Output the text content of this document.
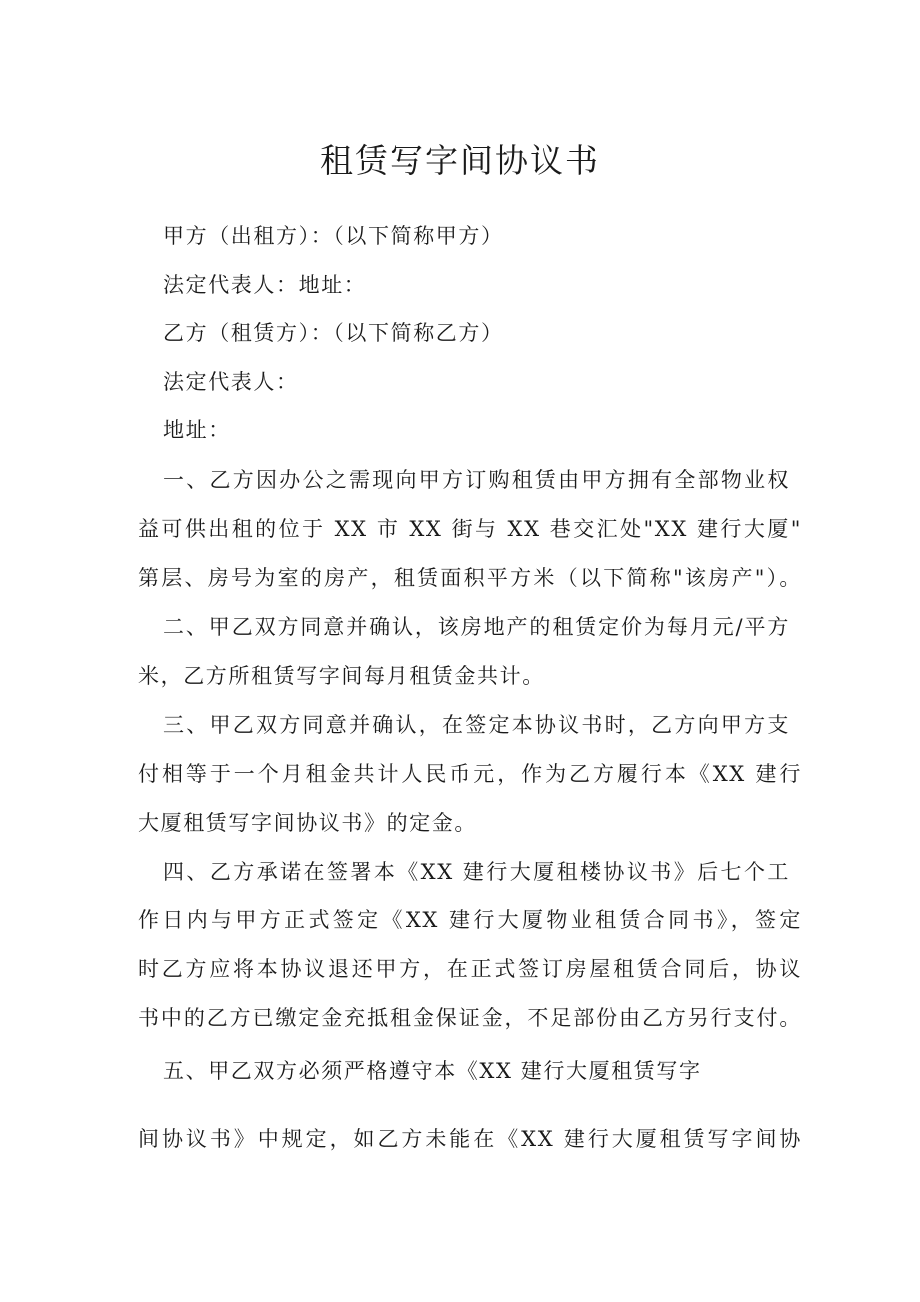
租赁写字间协议书
甲方（出租方）：（以下简称甲方）
法定代表人：地址：
乙方（租赁方）：（以下简称乙方）
法定代表人：
地址：
一、乙方因办公之需现向甲方订购租赁由甲方拥有全部物业权
益可供出租的位于 XX 市 XX 街与 XX 巷交汇处"XX 建行大厦"
第层、房号为室的房产，租赁面积平方米（以下简称"该房产"）。
二、甲乙双方同意并确认，该房地产的租赁定价为每月元/平方
米，乙方所租赁写字间每月租赁金共计。
三、甲乙双方同意并确认，在签定本协议书时，乙方向甲方支
付相等于一个月租金共计人民币元，作为乙方履行本《XX 建行
大厦租赁写字间协议书》的定金。
四、乙方承诺在签署本《XX 建行大厦租楼协议书》后七个工
作日内与甲方正式签定《XX 建行大厦物业租赁合同书》，签定
时乙方应将本协议退还甲方，在正式签订房屋租赁合同后，协议
书中的乙方已缴定金充抵租金保证金，不足部份由乙方另行支付。
五、甲乙双方必须严格遵守本《XX 建行大厦租赁写字
间协议书》中规定，如乙方未能在《XX 建行大厦租赁写字间协
